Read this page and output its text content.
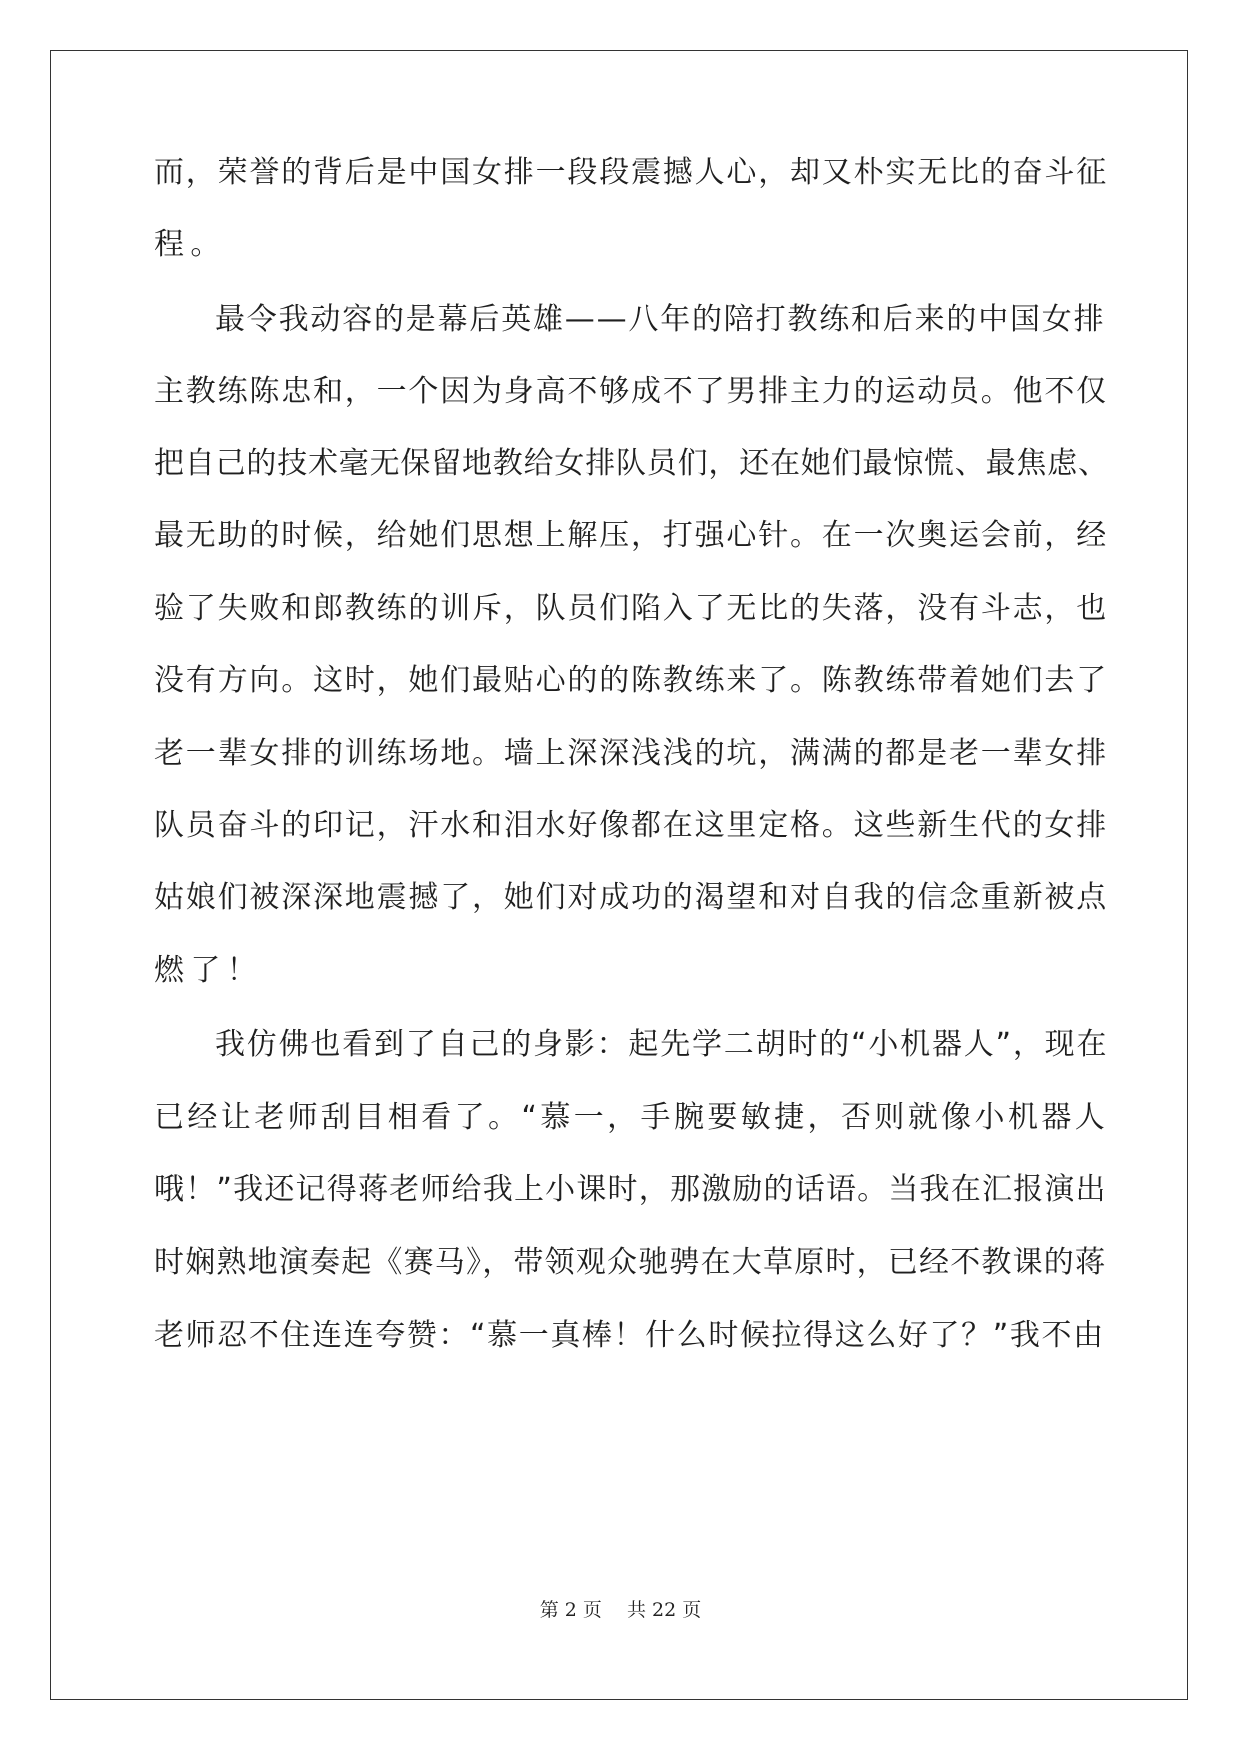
而，荣誉的背后是中国女排一段段震撼人心，却又朴实无比的奋斗征
程。
最令我动容的是幕后英雄——八年的陪打教练和后来的中国女排
主教练陈忠和，一个因为身高不够成不了男排主力的运动员。他不仅
把自己的技术毫无保留地教给女排队员们，还在她们最惊慌、最焦虑、
最无助的时候，给她们思想上解压，打强心针。在一次奥运会前，经
验了失败和郎教练的训斥，队员们陷入了无比的失落，没有斗志，也
没有方向。这时，她们最贴心的的陈教练来了。陈教练带着她们去了
老一辈女排的训练场地。墙上深深浅浅的坑，满满的都是老一辈女排
队员奋斗的印记，汗水和泪水好像都在这里定格。这些新生代的女排
姑娘们被深深地震撼了，她们对成功的渴望和对自我的信念重新被点
燃了！
我仿佛也看到了自己的身影：起先学二胡时的“小机器人”，现在
已经让老师刮目相看了。“慕一，手腕要敏捷，否则就像小机器人
哦！”我还记得蒋老师给我上小课时，那激励的话语。当我在汇报演出
时娴熟地演奏起《赛马》，带领观众驰骋在大草原时，已经不教课的蒋
老师忍不住连连夸赞：“慕一真棒！什么时候拉得这么好了？”我不由
第 2 页　 共 22 页
